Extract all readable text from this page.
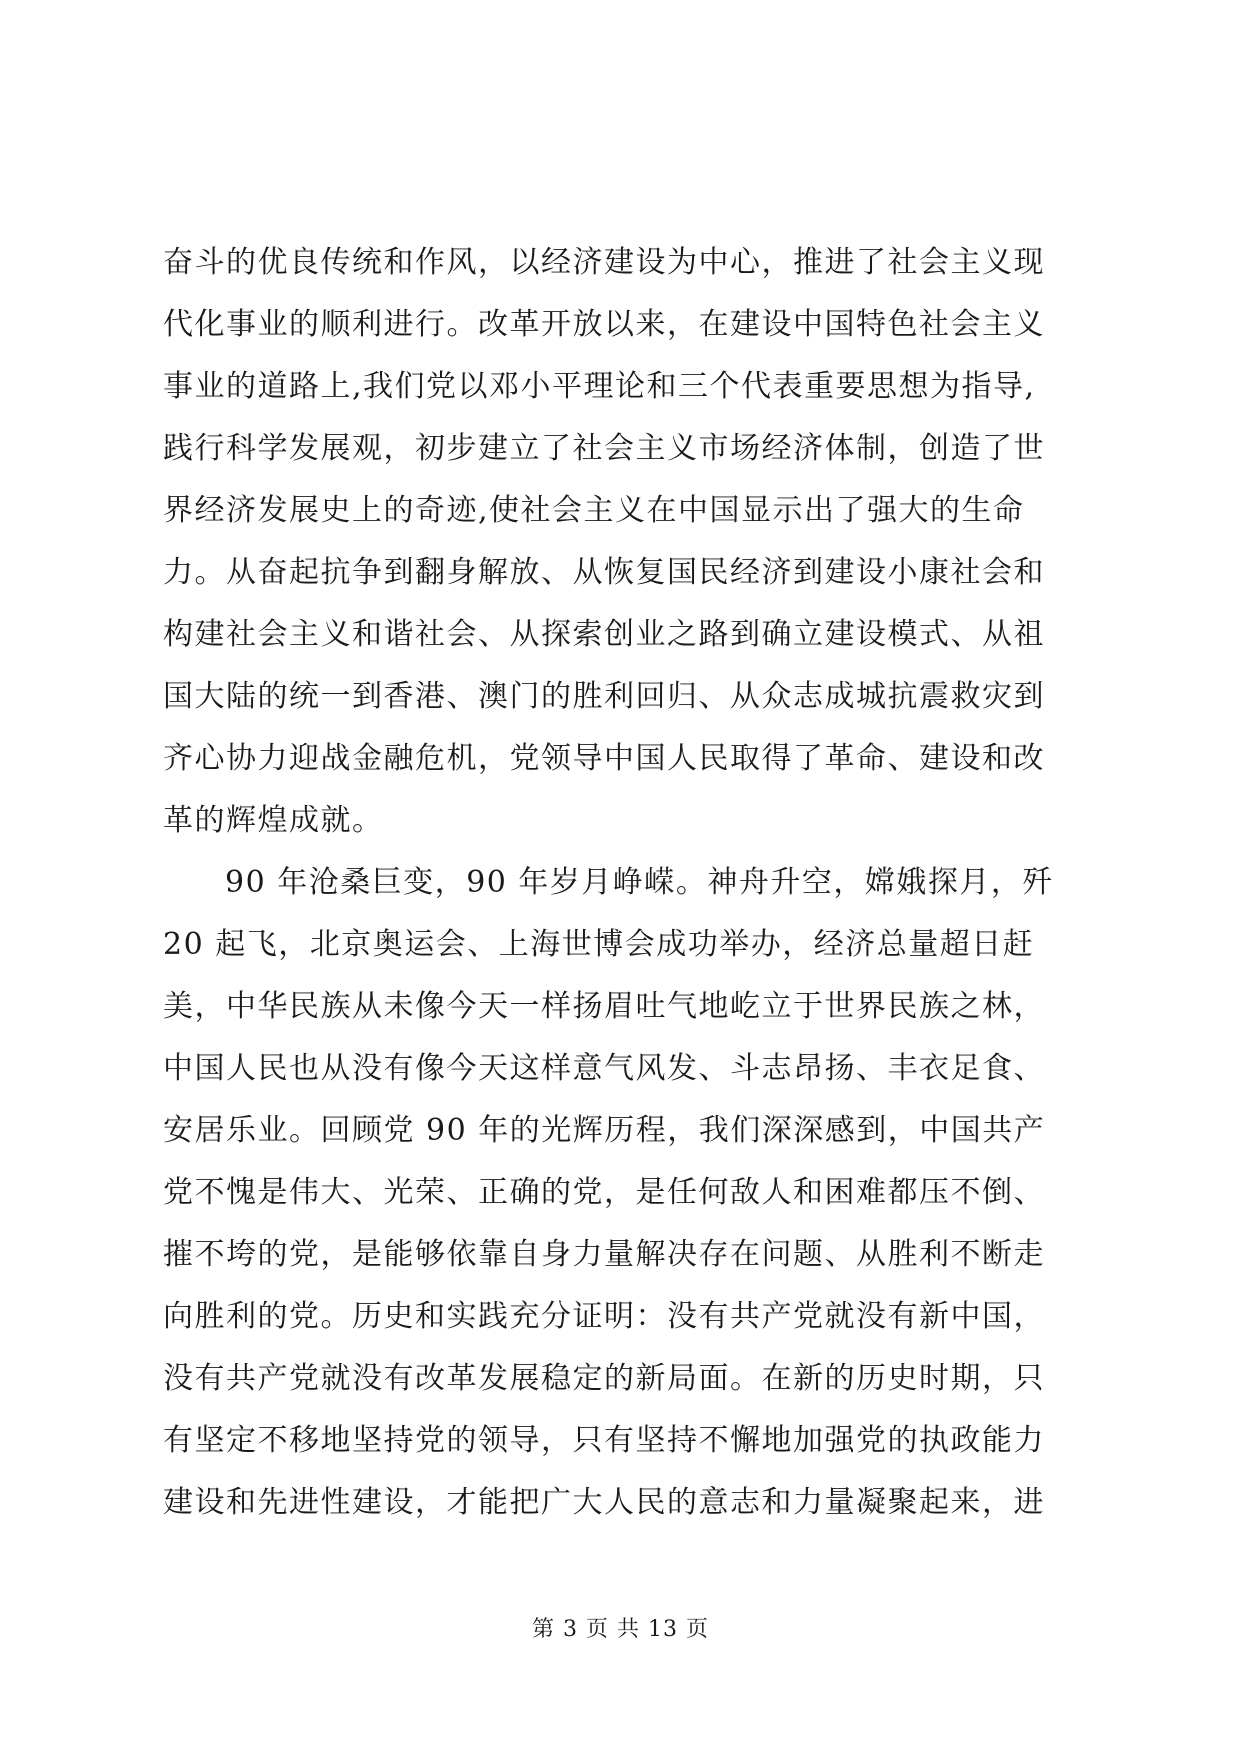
奋斗的优良传统和作风，以经济建设为中心，推进了社会主义现
代化事业的顺利进行。改革开放以来，在建设中国特色社会主义
事业的道路上,我们党以邓小平理论和三个代表重要思想为指导,
践行科学发展观，初步建立了社会主义市场经济体制，创造了世
界经济发展史上的奇迹,使社会主义在中国显示出了强大的生命
力。从奋起抗争到翻身解放、从恢复国民经济到建设小康社会和
构建社会主义和谐社会、从探索创业之路到确立建设模式、从祖
国大陆的统一到香港、澳门的胜利回归、从众志成城抗震救灾到
齐心协力迎战金融危机，党领导中国人民取得了革命、建设和改
革的辉煌成就。
90 年沧桑巨变，90 年岁月峥嵘。神舟升空，嫦娥探月，歼
20 起飞，北京奥运会、上海世博会成功举办，经济总量超日赶
美，中华民族从未像今天一样扬眉吐气地屹立于世界民族之林，
中国人民也从没有像今天这样意气风发、斗志昂扬、丰衣足食、
安居乐业。回顾党 90 年的光辉历程，我们深深感到，中国共产
党不愧是伟大、光荣、正确的党，是任何敌人和困难都压不倒、
摧不垮的党，是能够依靠自身力量解决存在问题、从胜利不断走
向胜利的党。历史和实践充分证明：没有共产党就没有新中国，
没有共产党就没有改革发展稳定的新局面。在新的历史时期，只
有坚定不移地坚持党的领导，只有坚持不懈地加强党的执政能力
建设和先进性建设，才能把广大人民的意志和力量凝聚起来，进
第 3 页 共 13 页
